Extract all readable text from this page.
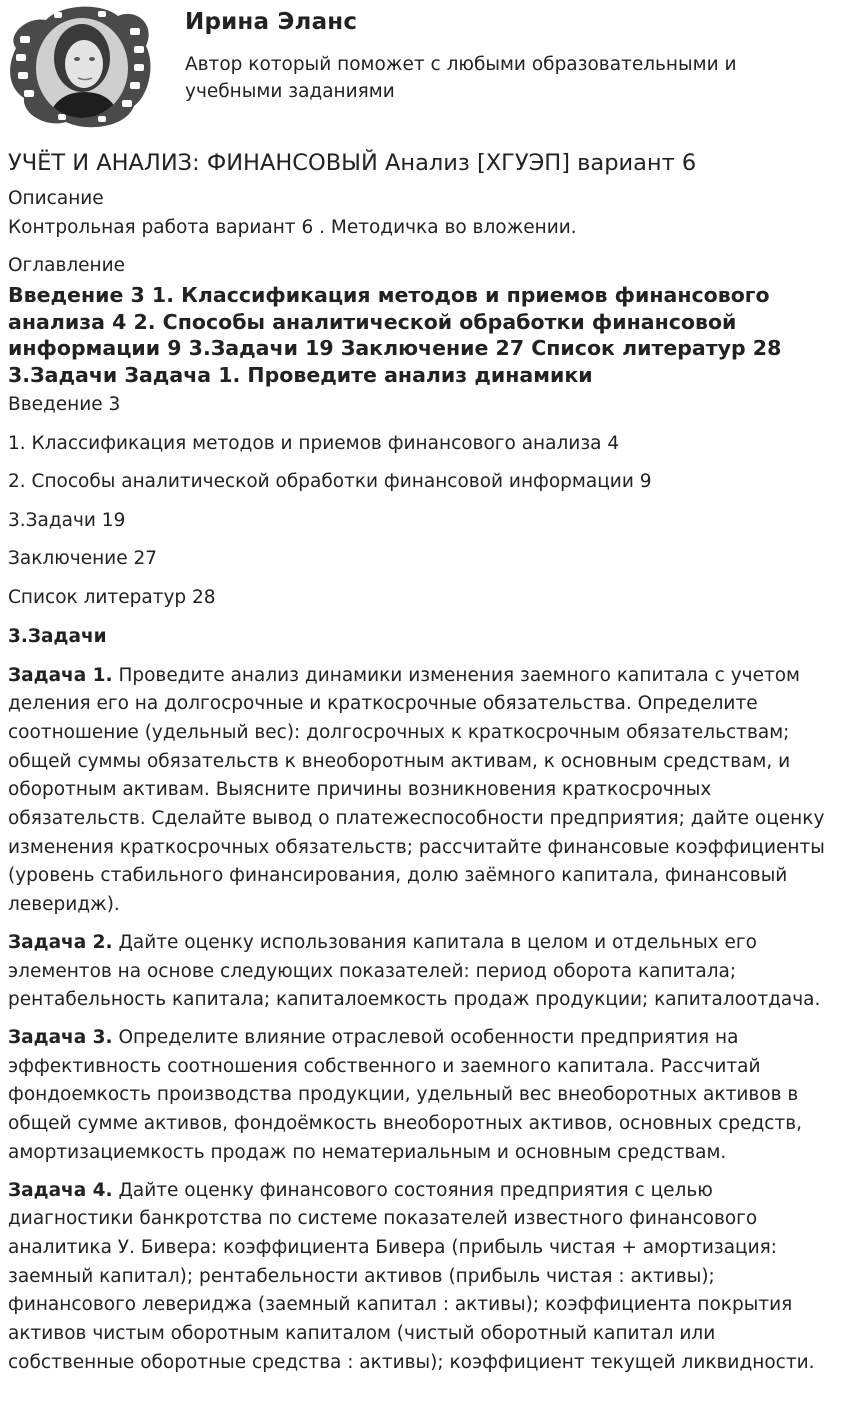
Ирина Эланс
Автор который поможет с любыми образовательными и учебными заданиями
УЧЁТ И АНАЛИЗ: ФИНАНСОВЫЙ Анализ [ХГУЭП] вариант 6
Описание
Контрольная работа вариант 6 . Методичка во вложении.
Оглавление
Введение 3 1. Классификация методов и приемов финансового анализа 4 2. Способы аналитической обработки финансовой информации 9 3.Задачи 19 Заключение 27 Список литератур 28 3.Задачи Задача 1. Проведите анализ динамики
Введение 3
1. Классификация методов и приемов финансового анализа 4
2. Способы аналитической обработки финансовой информации 9
3.Задачи 19
Заключение 27
Список литератур 28
3.Задачи

Задача 1. Проведите анализ динамики изменения заемного капитала с учетом деления его на долгосрочные и краткосрочные обязательства. Определите соотношение (удельный вес): долгосрочных к краткосрочным обязательствам; общей суммы обязательств к внеоборотным активам, к основным средствам, и оборотным активам. Выясните причины возникновения краткосрочных обязательств. Сделайте вывод о платежеспособности предприятия; дайте оценку изменения краткосрочных обязательств; рассчитайте финансовые коэффициенты (уровень стабильного финансирования, долю заёмного капитала, финансовый леверидж).

Задача 2. Дайте оценку использования капитала в целом и отдельных его элементов на основе следующих показателей: период оборота капитала; рентабельность капитала; капиталоемкость продаж продукции; капиталоотдача.

Задача 3. Определите влияние отраслевой особенности предприятия на эффективность соотношения собственного и заемного капитала. Рассчитай фондоемкость производства продукции, удельный вес внеоборотных активов в общей сумме активов, фондоёмкость внеоборотных активов, основных средств, амортизациемкость продаж по нематериальным и основным средствам.

Задача 4. Дайте оценку финансового состояния предприятия с целью диагностики банкротства по системе показателей известного финансового аналитика У. Бивера: коэффициента Бивера (прибыль чистая + амортизация: заемный капитал); рентабельности активов (прибыль чистая : активы); финансового левериджа (заемный капитал : активы); коэффициента покрытия активов чистым оборотным капиталом (чистый оборотный капитал или собственные оборотные средства : активы); коэффициент текущей ликвидности.
